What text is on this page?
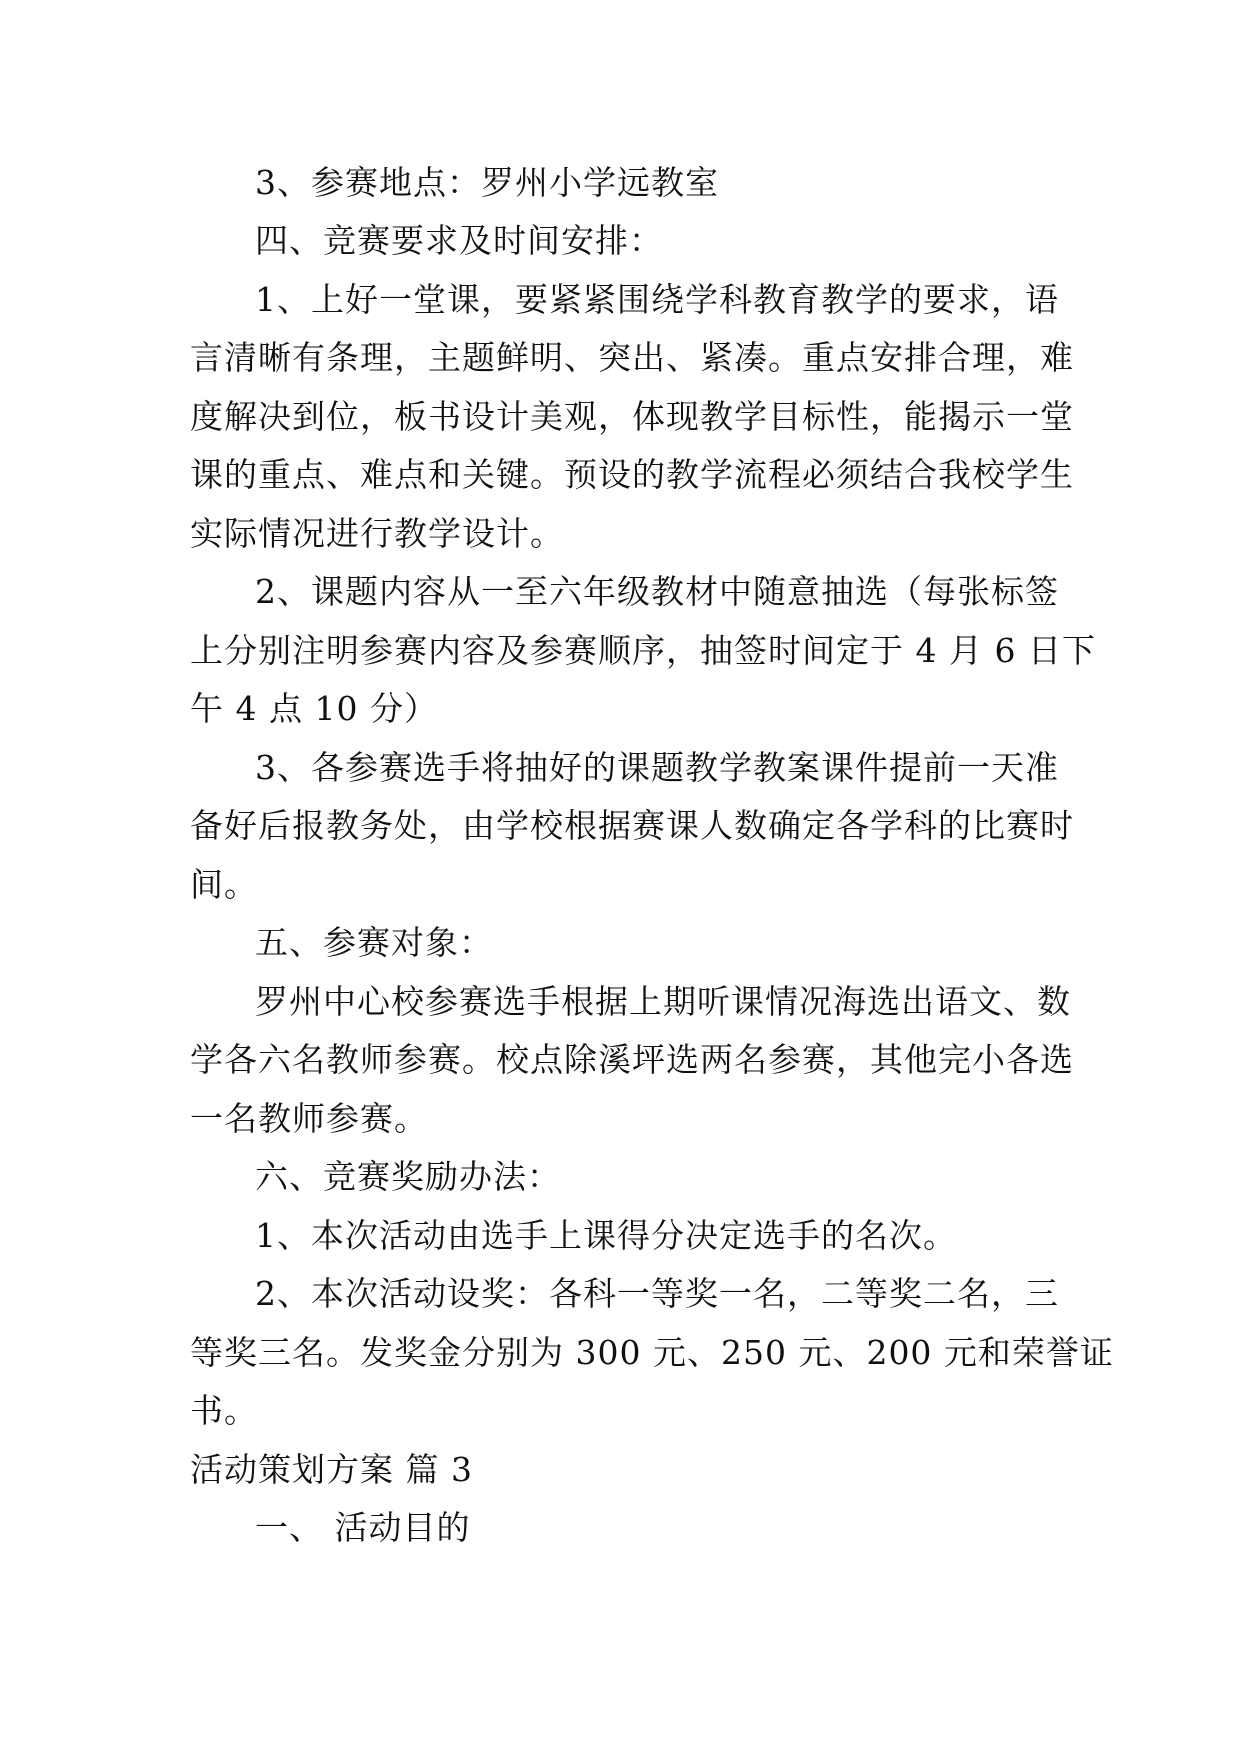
3、参赛地点：罗州小学远教室
四、竞赛要求及时间安排：
1、上好一堂课，要紧紧围绕学科教育教学的要求，语
言清晰有条理，主题鲜明、突出、紧凑。重点安排合理，难
度解决到位，板书设计美观，体现教学目标性，能揭示一堂
课的重点、难点和关键。预设的教学流程必须结合我校学生
实际情况进行教学设计。
2、课题内容从一至六年级教材中随意抽选（每张标签
上分别注明参赛内容及参赛顺序，抽签时间定于 4 月 6 日下
午 4 点 10 分）
3、各参赛选手将抽好的课题教学教案课件提前一天准
备好后报教务处，由学校根据赛课人数确定各学科的比赛时
间。
五、参赛对象：
罗州中心校参赛选手根据上期听课情况海选出语文、数
学各六名教师参赛。校点除溪坪选两名参赛，其他完小各选
一名教师参赛。
六、竞赛奖励办法：
1、本次活动由选手上课得分决定选手的名次。
2、本次活动设奖：各科一等奖一名，二等奖二名，三
等奖三名。发奖金分别为 300 元、250 元、200 元和荣誉证
书。
活动策划方案 篇 3
一、 活动目的
